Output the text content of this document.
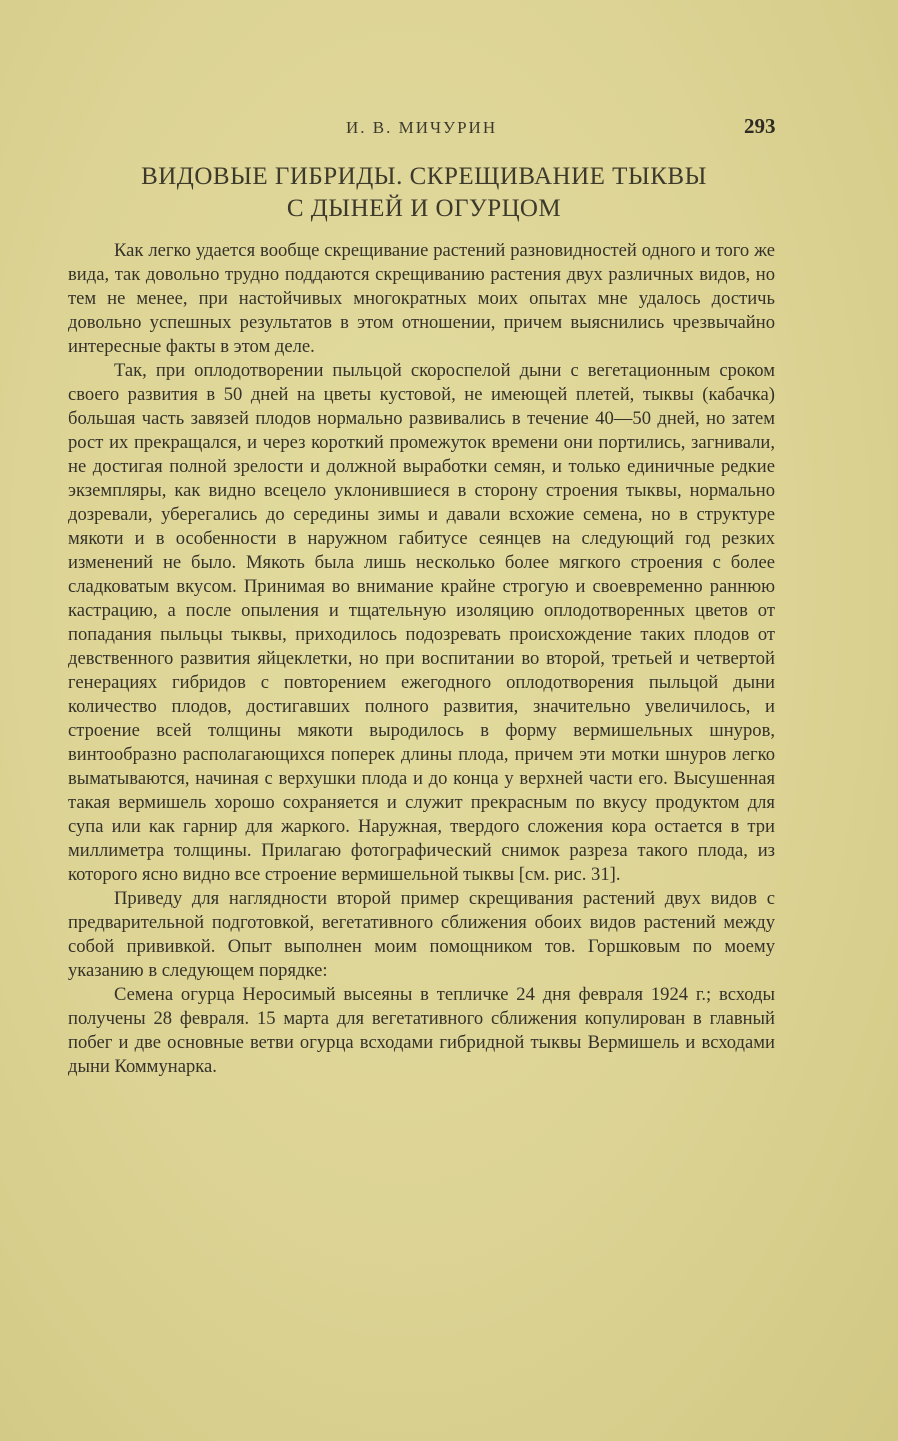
И. В. МИЧУРИН	293
ВИДОВЫЕ ГИБРИДЫ. СКРЕЩИВАНИЕ ТЫКВЫ
С ДЫНЕЙ И ОГУРЦОМ

Как легко удается вообще скрещивание растений разновидностей одного и того же вида, так довольно трудно поддаются скрещиванию растения двух различных видов, но тем не менее, при настойчивых многократных моих опытах мне удалось достичь довольно успешных результатов в этом отношении, причем выяснились чрезвычайно интересные факты в этом деле.

Так, при оплодотворении пыльцой скороспелой дыни с вегетационным сроком своего развития в 50 дней на цветы кустовой, не имеющей плетей, тыквы (кабачка) большая часть завязей плодов нормально развивались в течение 40—50 дней, но затем рост их прекращался, и через короткий промежуток времени они портились, загнивали, не достигая полной зрелости и должной выработки семян, и только единичные редкие экземпляры, как видно всецело уклонившиеся в сторону строения тыквы, нормально дозревали, уберегались до середины зимы и давали всхожие семена, но в структуре мякоти и в особенности в наружном габитусе сеянцев на следующий год резких изменений не было. Мякоть была лишь несколько более мягкого строения с более сладковатым вкусом. Принимая во внимание крайне строгую и своевременно раннюю кастрацию, а после опыления и тщательную изоляцию оплодотворенных цветов от попадания пыльцы тыквы, приходилось подозревать происхождение таких плодов от девственного развития яйцеклетки, но при воспитании во второй, третьей и четвертой генерациях гибридов с повторением ежегодного оплодотворения пыльцой дыни количество плодов, достигавших полного развития, значительно увеличилось, и строение всей толщины мякоти выродилось в форму вермишельных шнуров, винтообразно располагающихся поперек длины плода, причем эти мотки шнуров легко выматываются, начиная с верхушки плода и до конца у верхней части его. Высушенная такая вермишель хорошо сохраняется и служит прекрасным по вкусу продуктом для супа или как гарнир для жаркого. Наружная, твердого сложения кора остается в три миллиметра толщины. Прилагаю фотографический снимок разреза такого плода, из которого ясно видно все строение вермишельной тыквы [см. рис. 31].

Приведу для наглядности второй пример скрещивания растений двух видов с предварительной подготовкой, вегетативного сближения обоих видов растений между собой прививкой. Опыт выполнен моим помощником тов. Горшковым по моему указанию в следующем порядке:

Семена огурца Неросимый высеяны в тепличке 24 дня февраля 1924 г.; всходы получены 28 февраля. 15 марта для вегетативного сближения копулирован в главный побег и две основные ветви огурца всходами гибридной тыквы Вермишель и всходами дыни Коммунарка.
